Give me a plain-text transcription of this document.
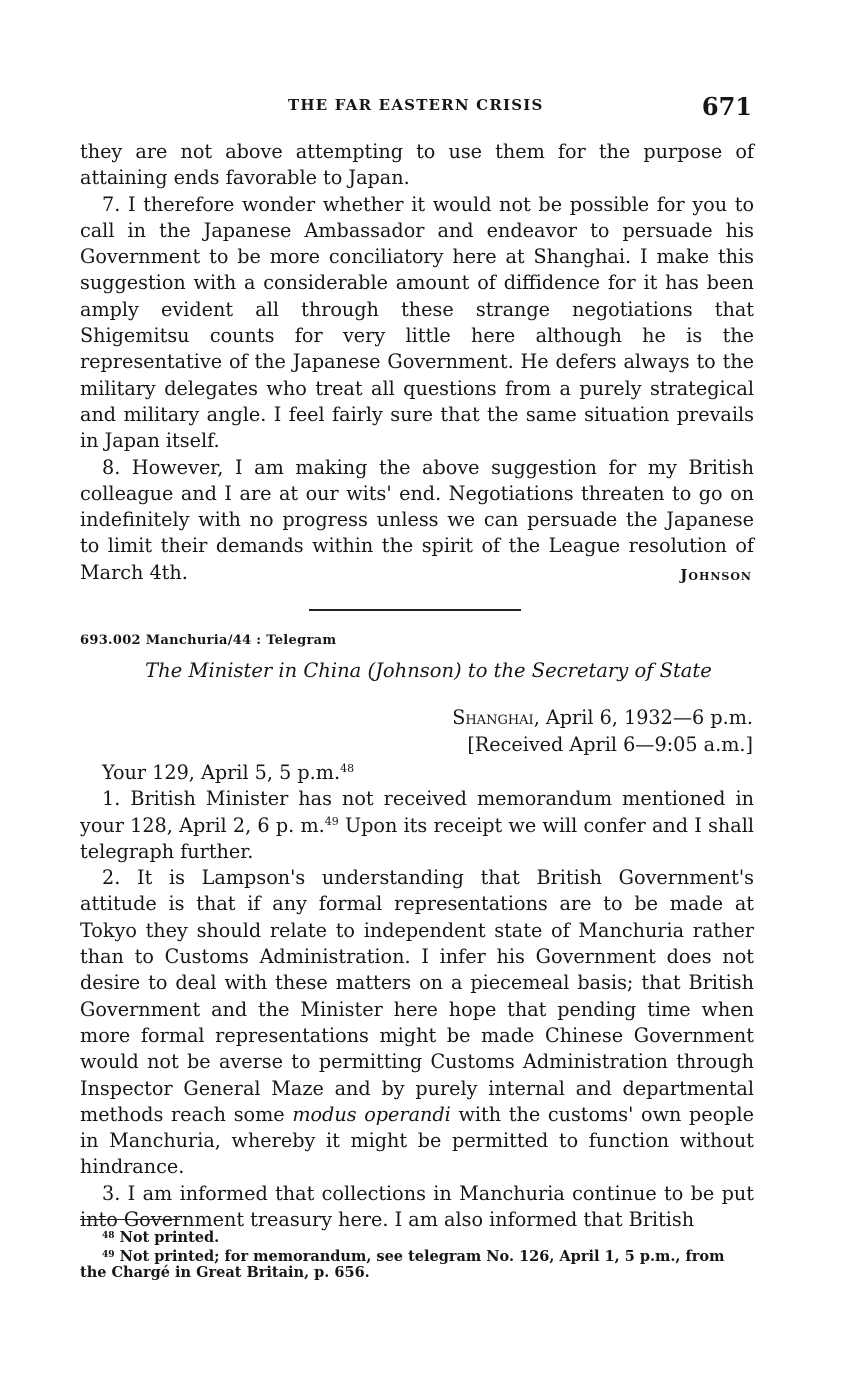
THE FAR EASTERN CRISIS	671

they are not above attempting to use them for the purpose of attaining ends favorable to Japan.

7. I therefore wonder whether it would not be possible for you to call in the Japanese Ambassador and endeavor to persuade his Government to be more conciliatory here at Shanghai. I make this suggestion with a considerable amount of diffidence for it has been amply evident all through these strange negotiations that Shigemitsu counts for very little here although he is the representative of the Japanese Government. He defers always to the military delegates who treat all questions from a purely strategical and military angle. I feel fairly sure that the same situation prevails in Japan itself.

8. However, I am making the above suggestion for my British colleague and I are at our wits' end. Negotiations threaten to go on indefinitely with no progress unless we can persuade the Japanese to limit their demands within the spirit of the League resolution of March 4th.	Johnson
693.002 Manchuria/44 : Telegram
The Minister in China (Johnson) to the Secretary of State
Shanghai, April 6, 1932—6 p.m.
[Received April 6—9:05 a.m.]

Your 129, April 5, 5 p.m.$^{48}$

1. British Minister has not received memorandum mentioned in your 128, April 2, 6 p. m.$^{49}$ Upon its receipt we will confer and I shall telegraph further.

2. It is Lampson's understanding that British Government's attitude is that if any formal representations are to be made at Tokyo they should relate to independent state of Manchuria rather than to Customs Administration. I infer his Government does not desire to deal with these matters on a piecemeal basis; that British Government and the Minister here hope that pending time when more formal representations might be made Chinese Government would not be averse to permitting Customs Administration through Inspector General Maze and by purely internal and departmental methods reach some modus operandi with the customs' own people in Manchuria, whereby it might be permitted to function without hindrance.

3. I am informed that collections in Manchuria continue to be put into Government treasury here. I am also informed that British

$^{48}$ Not printed.

$^{49}$ Not printed; for memorandum, see telegram No. 126, April 1, 5 p.m., from the Chargé in Great Britain, p. 656.
